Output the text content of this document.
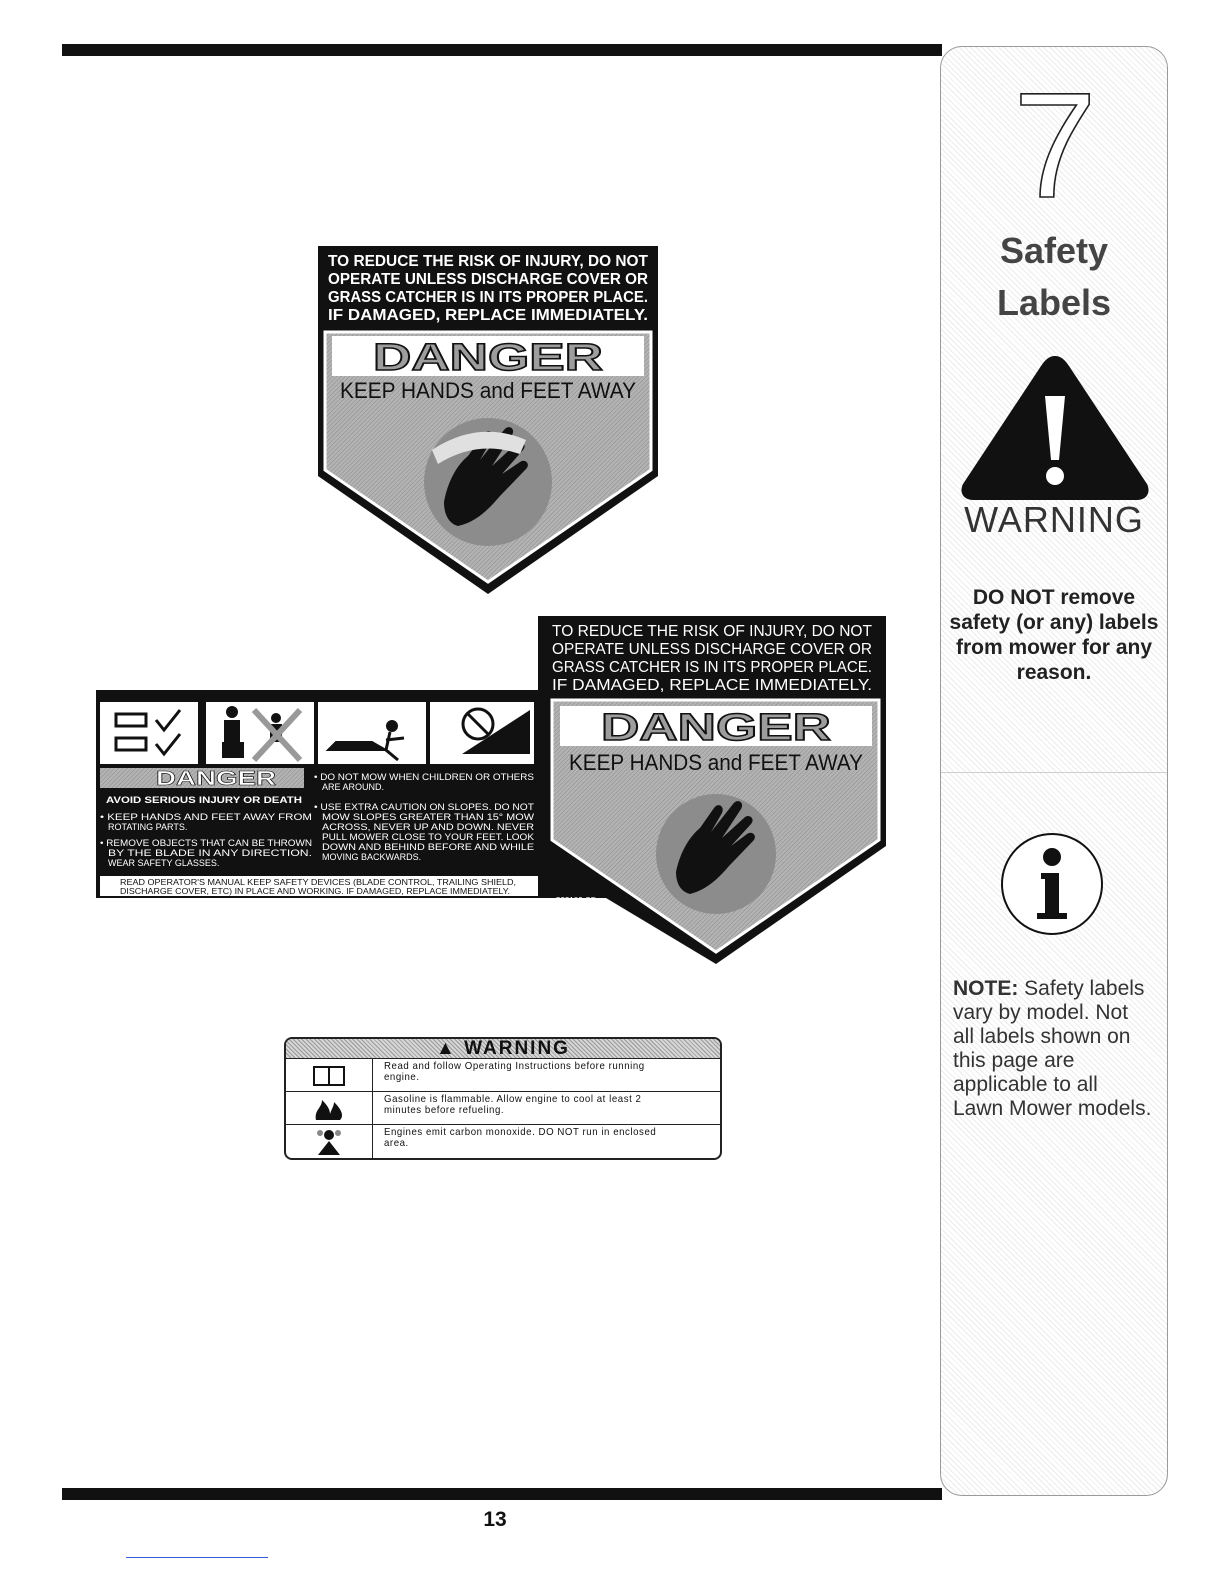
TO REDUCE THE RISK OF INJURY, DO NOT
OPERATE UNLESS DISCHARGE COVER OR
GRASS CATCHER IS IN ITS PROPER PLACE.
IF DAMAGED, REPLACE IMMEDIATELY.
DANGER
KEEP HANDS and FEET AWAY
TO REDUCE THE RISK OF INJURY, DO NOT
OPERATE UNLESS DISCHARGE COVER OR
GRASS CATCHER IS IN ITS PROPER PLACE.
IF DAMAGED, REPLACE IMMEDIATELY.
DANGER
KEEP HANDS and FEET AWAY
532102 CD
MAX 15°
DANGER
AVOID SERIOUS INJURY OR DEATH
• KEEP HANDS AND FEET AWAY FROM
ROTATING PARTS.
• REMOVE OBJECTS THAT CAN BE THROWN
BY THE BLADE IN ANY DIRECTION.
WEAR SAFETY GLASSES.
• DO NOT MOW WHEN CHILDREN OR OTHERS
ARE AROUND.
• USE EXTRA CAUTION ON SLOPES. DO NOT
MOW SLOPES GREATER THAN 15° MOW
ACROSS, NEVER UP AND DOWN. NEVER
PULL MOWER CLOSE TO YOUR FEET. LOOK
DOWN AND BEHIND BEFORE AND WHILE
MOVING BACKWARDS.
READ OPERATOR'S MANUAL KEEP SAFETY DEVICES (BLADE CONTROL, TRAILING SHIELD,
DISCHARGE COVER, ETC) IN PLACE AND WORKING. IF DAMAGED, REPLACE IMMEDIATELY.
▲ WARNING
Read and follow Operating Instructions before running engine.
Gasoline is flammable. Allow engine to cool at least 2 minutes before refueling.
Engines emit carbon monoxide. DO NOT run in enclosed area.
7
Safety
Labels
WARNING
DO NOT remove safety (or any) labels from mower for any reason.
NOTE: Safety labels vary by model. Not all labels shown on this page are applicable to all Lawn Mower models.
13
